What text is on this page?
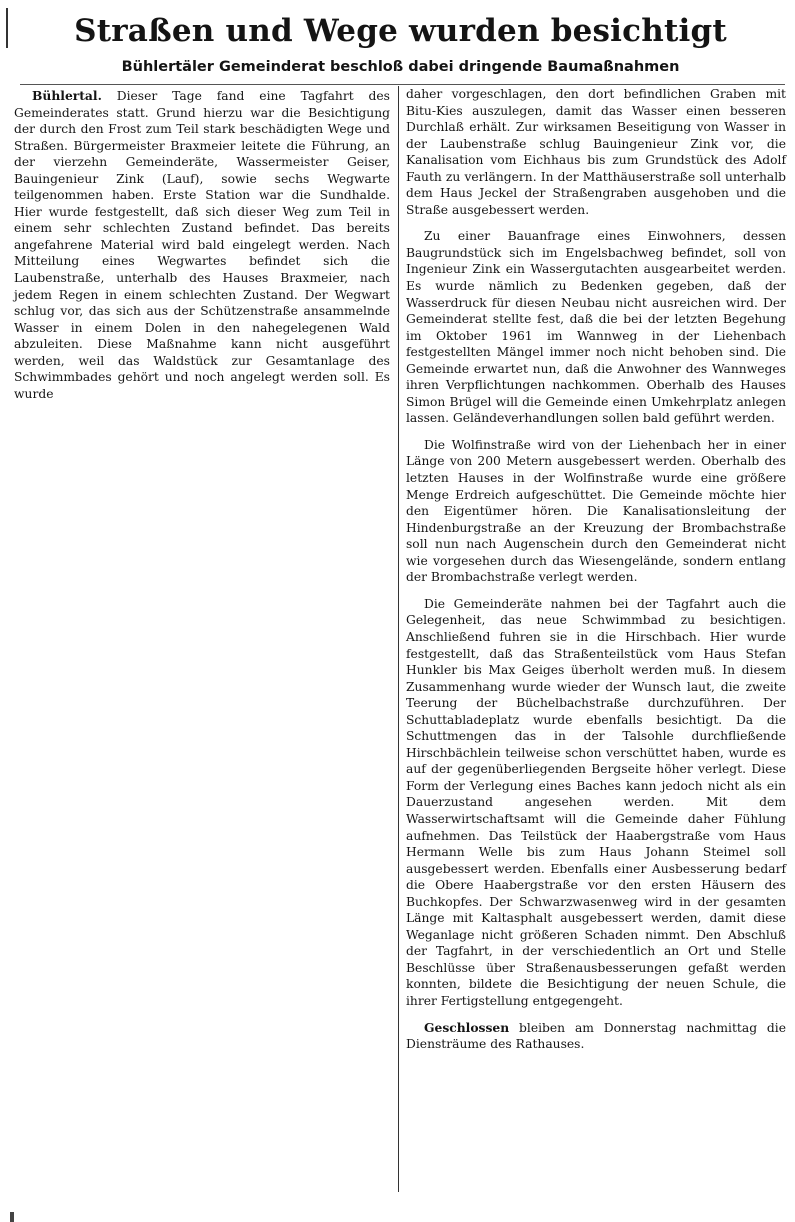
Straßen und Wege wurden besichtigt
Bühlertäler Gemeinderat beschloß dabei dringende Baumaßnahmen

Bühlertal. Dieser Tage fand eine Tagfahrt des Gemeinderates statt. Grund hierzu war die Besichtigung der durch den Frost zum Teil stark beschädigten Wege und Straßen. Bürgermeister Braxmeier leitete die Führung, an der vierzehn Gemeinderäte, Wassermeister Geiser, Bauingenieur Zink (Lauf), sowie sechs Wegwarte teilgenommen haben. Erste Station war die Sundhalde. Hier wurde festgestellt, daß sich dieser Weg zum Teil in einem sehr schlechten Zustand befindet. Das bereits angefahrene Material wird bald eingelegt werden. Nach Mitteilung eines Wegwartes befindet sich die Laubenstraße, unterhalb des Hauses Braxmeier, nach jedem Regen in einem schlechten Zustand. Der Wegwart schlug vor, das sich aus der Schützenstraße ansammelnde Wasser in einem Dolen in den nahegelegenen Wald abzuleiten. Diese Maßnahme kann nicht ausgeführt werden, weil das Waldstück zur Gesamtanlage des Schwimmbades gehört und noch angelegt werden soll. Es wurde

daher vorgeschlagen, den dort befindlichen Graben mit Bitu-Kies auszulegen, damit das Wasser einen besseren Durchlaß erhält. Zur wirksamen Beseitigung von Wasser in der Laubenstraße schlug Bauingenieur Zink vor, die Kanalisation vom Eichhaus bis zum Grundstück des Adolf Fauth zu verlängern. In der Matthäuserstraße soll unterhalb dem Haus Jeckel der Straßengraben ausgehoben und die Straße ausgebessert werden.

Zu einer Bauanfrage eines Einwohners, dessen Baugrundstück sich im Engelsbachweg befindet, soll von Ingenieur Zink ein Wassergutachten ausgearbeitet werden. Es wurde nämlich zu Bedenken gegeben, daß der Wasserdruck für diesen Neubau nicht ausreichen wird. Der Gemeinderat stellte fest, daß die bei der letzten Begehung im Oktober 1961 im Wannweg in der Liehenbach festgestellten Mängel immer noch nicht behoben sind. Die Gemeinde erwartet nun, daß die Anwohner des Wannweges ihren Verpflichtungen nachkommen. Oberhalb des Hauses Simon Brügel will die Gemeinde einen Umkehrplatz anlegen lassen. Geländeverhandlungen sollen bald geführt werden.

Die Wolfinstraße wird von der Liehenbach her in einer Länge von 200 Metern ausgebessert werden. Oberhalb des letzten Hauses in der Wolfinstraße wurde eine größere Menge Erdreich aufgeschüttet. Die Gemeinde möchte hier den Eigentümer hören. Die Kanalisationsleitung der Hindenburgstraße an der Kreuzung der Brombachstraße soll nun nach Augenschein durch den Gemeinderat nicht wie vorgesehen durch das Wiesengelände, sondern entlang der Brombachstraße verlegt werden.

Die Gemeinderäte nahmen bei der Tagfahrt auch die Gelegenheit, das neue Schwimmbad zu besichtigen. Anschließend fuhren sie in die Hirschbach. Hier wurde festgestellt, daß das Straßenteilstück vom Haus Stefan Hunkler bis Max Geiges überholt werden muß. In diesem Zusammenhang wurde wieder der Wunsch laut, die zweite Teerung der Büchelbachstraße durchzuführen. Der Schuttabladeplatz wurde ebenfalls besichtigt. Da die Schuttmengen das in der Talsohle durchfließende Hirschbächlein teilweise schon verschüttet haben, wurde es auf der gegenüberliegenden Bergseite höher verlegt. Diese Form der Verlegung eines Baches kann jedoch nicht als ein Dauerzustand angesehen werden. Mit dem Wasserwirtschaftsamt will die Gemeinde daher Fühlung aufnehmen. Das Teilstück der Haabergstraße vom Haus Hermann Welle bis zum Haus Johann Steimel soll ausgebessert werden. Ebenfalls einer Ausbesserung bedarf die Obere Haabergstraße vor den ersten Häusern des Buchkopfes. Der Schwarzwasenweg wird in der gesamten Länge mit Kaltasphalt ausgebessert werden, damit diese Weganlage nicht größeren Schaden nimmt. Den Abschluß der Tagfahrt, in der verschiedentlich an Ort und Stelle Beschlüsse über Straßenausbesserungen gefaßt werden konnten, bildete die Besichtigung der neuen Schule, die ihrer Fertigstellung entgegengeht.

Geschlossen bleiben am Donnerstag nachmittag die Diensträume des Rathauses.
